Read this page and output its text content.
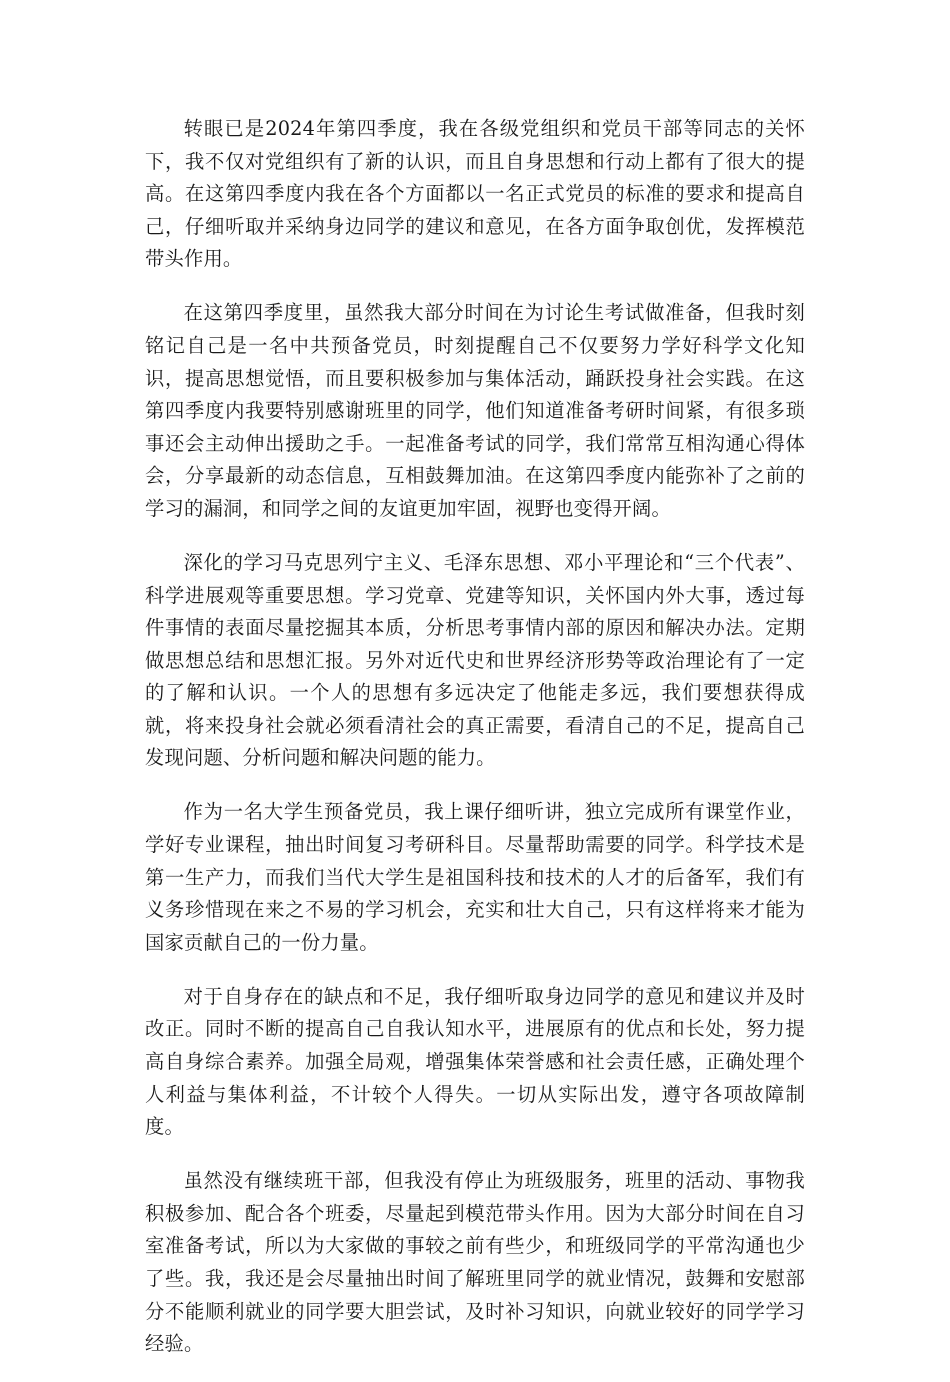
转眼已是2024年第四季度，我在各级党组织和党员干部等同志的关怀下，我不仅对党组织有了新的认识，而且自身思想和行动上都有了很大的提高。在这第四季度内我在各个方面都以一名正式党员的标准的要求和提高自己，仔细听取并采纳身边同学的建议和意见，在各方面争取创优，发挥模范带头作用。

在这第四季度里，虽然我大部分时间在为讨论生考试做准备，但我时刻铭记自己是一名中共预备党员，时刻提醒自己不仅要努力学好科学文化知识，提高思想觉悟，而且要积极参加与集体活动，踊跃投身社会实践。在这第四季度内我要特别感谢班里的同学，他们知道准备考研时间紧，有很多琐事还会主动伸出援助之手。一起准备考试的同学，我们常常互相沟通心得体会，分享最新的动态信息，互相鼓舞加油。在这第四季度内能弥补了之前的学习的漏洞，和同学之间的友谊更加牢固，视野也变得开阔。

深化的学习马克思列宁主义、毛泽东思想、邓小平理论和“三个代表”、科学进展观等重要思想。学习党章、党建等知识，关怀国内外大事，透过每件事情的表面尽量挖掘其本质，分析思考事情内部的原因和解决办法。定期做思想总结和思想汇报。另外对近代史和世界经济形势等政治理论有了一定的了解和认识。一个人的思想有多远决定了他能走多远，我们要想获得成就，将来投身社会就必须看清社会的真正需要，看清自己的不足，提高自己发现问题、分析问题和解决问题的能力。

作为一名大学生预备党员，我上课仔细听讲，独立完成所有课堂作业，学好专业课程，抽出时间复习考研科目。尽量帮助需要的同学。科学技术是第一生产力，而我们当代大学生是祖国科技和技术的人才的后备军，我们有义务珍惜现在来之不易的学习机会，充实和壮大自己，只有这样将来才能为国家贡献自己的一份力量。

对于自身存在的缺点和不足，我仔细听取身边同学的意见和建议并及时改正。同时不断的提高自己自我认知水平，进展原有的优点和长处，努力提高自身综合素养。加强全局观，增强集体荣誉感和社会责任感，正确处理个人利益与集体利益，不计较个人得失。一切从实际出发，遵守各项故障制度。

虽然没有继续班干部，但我没有停止为班级服务，班里的活动、事物我积极参加、配合各个班委，尽量起到模范带头作用。因为大部分时间在自习室准备考试，所以为大家做的事较之前有些少，和班级同学的平常沟通也少了些。我，我还是会尽量抽出时间了解班里同学的就业情况，鼓舞和安慰部分不能顺利就业的同学要大胆尝试，及时补习知识，向就业较好的同学学习经验。
